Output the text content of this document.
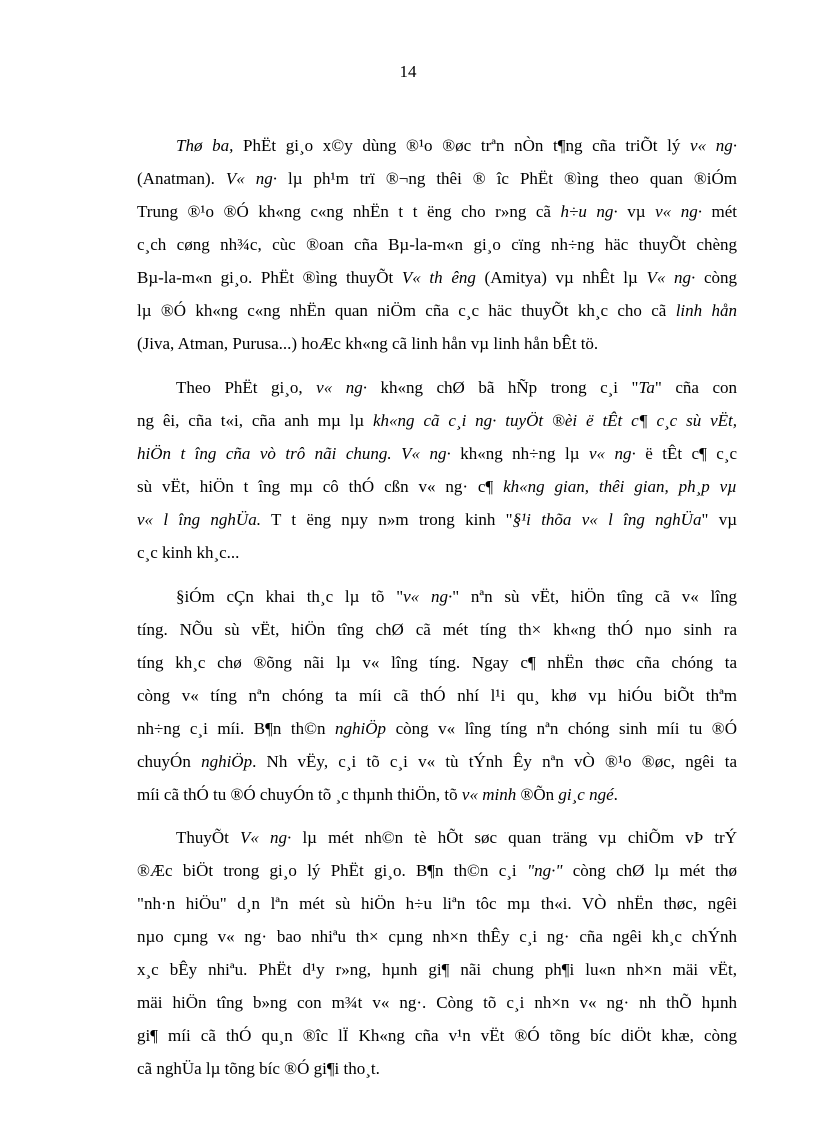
14
Thø ba, PhËt gi¸o x©y dùng ®¹o ®øc trªn nÒn t¶ng cña triÕt lý v« ng·
(Anatman). V« ng· lµ ph¹m trï ®¬ng thêi ® îc PhËt ®ìng theo quan ®iÓm
Trung ®¹o ®Ó kh«ng c«ng nhËn t t ëng cho r»ng cã h÷u ng· vµ v« ng· mét
c¸ch cøng nh¾c, cùc ®oan cña Bµ-la-m«n gi¸o cïng nh÷ng häc thuyÕt chèng
Bµ-la-m«n gi¸o. PhËt ®ìng thuyÕt V« th êng (Amitya) vµ nhÊt lµ V« ng· còng
lµ ®Ó kh«ng c«ng nhËn quan niÖm cña c¸c häc thuyÕt kh¸c cho cã linh hån
(Jiva, Atman, Purusa...) hoÆc kh«ng cã linh hån vµ linh hån bÊt tö.
Theo PhËt gi¸o, v« ng· kh«ng chØ bã hÑp trong c¸i "Ta" cña con
ng êi, cña t«i, cña anh mµ lµ kh«ng cã c¸i ng· tuyÖt ®èi ë tÊt c¶ c¸c sù vËt,
hiÖn t îng cña vò trô nãi chung. V« ng· kh«ng nh÷ng lµ v« ng· ë tÊt c¶ c¸c
sù vËt, hiÖn t îng mµ cô thÓ cßn v« ng· c¶ kh«ng gian, thêi gian, ph¸p vµ
v« l îng nghÜa. T t ëng nµy n»m trong kinh "§¹i thõa v« l îng nghÜa" vµ
c¸c kinh kh¸c...
§iÓm cÇn khai th¸c lµ tõ "v« ng·" nªn sù vËt, hiÖn tîng cã v« lîng
tíng. NÕu sù vËt, hiÖn tîng chØ cã mét tíng th× kh«ng thÓ nµo sinh ra
tíng kh¸c chø ®õng nãi lµ v« lîng tíng. Ngay c¶ nhËn thøc cña chóng ta
còng v« tíng nªn chóng ta míi cã thÓ nhí l¹i qu¸ khø vµ hiÓu biÕt thªm
nh÷ng c¸i míi. B¶n th©n nghiÖp còng v« lîng tíng nªn chóng sinh míi tu ®Ó
chuyÓn nghiÖp. Nh vËy, c¸i tõ c¸i v« tù tÝnh Êy nªn vÒ ®¹o ®øc, ngêi ta
míi cã thÓ tu ®Ó chuyÓn tõ ¸c thµnh thiÖn, tõ v« minh ®Õn gi¸c ngé.
ThuyÕt V« ng· lµ mét nh©n tè hÕt søc quan träng vµ chiÕm vÞ trÝ
®Æc biÖt trong gi¸o lý PhËt gi¸o. B¶n th©n c¸i "ng·" còng chØ lµ mét thø
"nh·n hiÖu" d¸n lªn mét sù hiÖn h÷u liªn tôc mµ th«i. VÒ nhËn thøc, ngêi
nµo cµng v« ng· bao nhiªu th× cµng nh×n thÊy c¸i ng· cña ngêi kh¸c chÝnh
x¸c bÊy nhiªu. PhËt d¹y r»ng, hµnh gi¶ nãi chung ph¶i lu«n nh×n mäi vËt,
mäi hiÖn tîng b»ng con m¾t v« ng·. Còng tõ c¸i nh×n v« ng· nh thÕ hµnh
gi¶ míi cã thÓ qu¸n ®îc lÏ Kh«ng cña v¹n vËt ®Ó tõng bíc diÖt khæ, còng
cã nghÜa lµ tõng bíc ®Ó gi¶i tho¸t.
